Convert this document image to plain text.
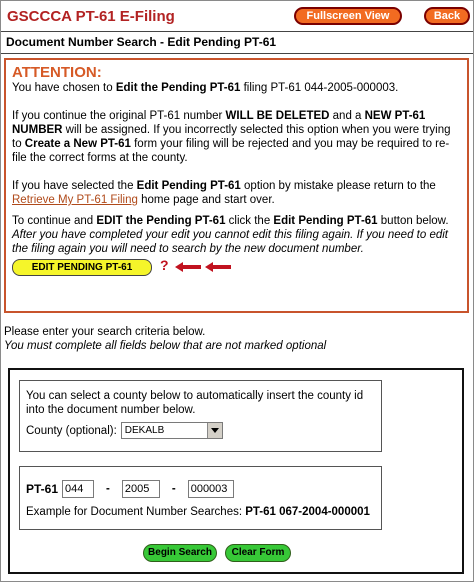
GSCCCA PT-61 E-Filing	Fullscreen View	Back
Document Number Search - Edit Pending PT-61
ATTENTION:
You have chosen to Edit the Pending PT-61 filing PT-61 044-2005-000003.
If you continue the original PT-61 number WILL BE DELETED and a NEW PT-61 NUMBER will be assigned. If you incorrectly selected this option when you were trying to Create a New PT-61 form your filing will be rejected and you may be required to re-file the correct forms at the county.
If you have selected the Edit Pending PT-61 option by mistake please return to the Retrieve My PT-61 Filing home page and start over.
To continue and EDIT the Pending PT-61 click the Edit Pending PT-61 button below. After you have completed your edit you cannot edit this filing again. If you need to edit the filing again you will need to search by the new document number.
EDIT PENDING PT-61	?
Please enter your search criteria below.
You must complete all fields below that are not marked optional
You can select a county below to automatically insert the county id into the document number below.
County (optional): DEKALB
PT-61 044	- 2005	- 000003
Example for Document Number Searches: PT-61 067-2004-000001
Begin Search	Clear Form
